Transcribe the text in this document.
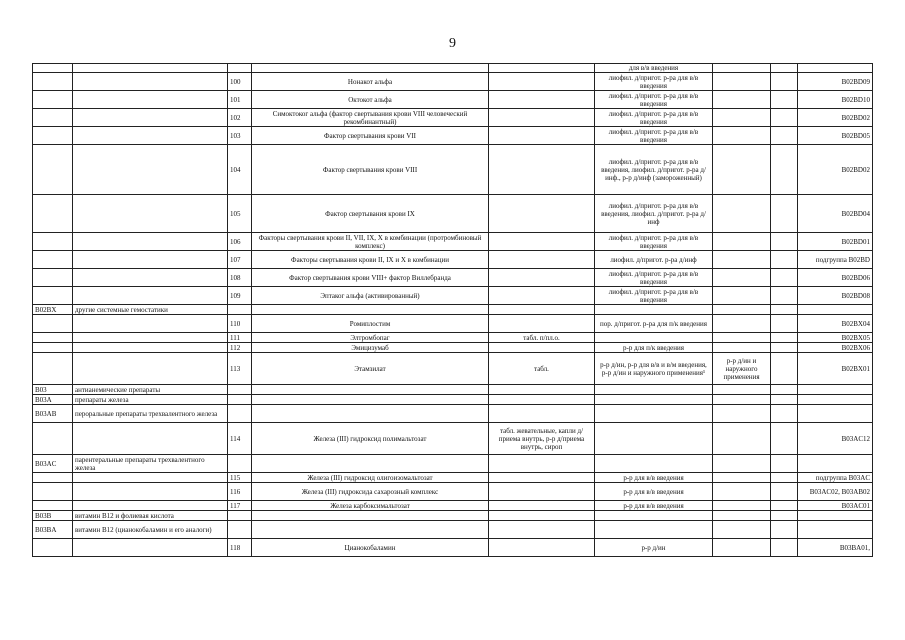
9
					для в/в введения			
		100	Нонакот альфа		лиофил. д/пригот. р-ра для в/в введения			B02BD09
		101	Октокот альфа		лиофил. д/пригот. р-ра для в/в введения			B02BD10
		102	Симоктоког альфа (фактор свертывания крови VIII человеческий рекомбинантный)		лиофил. д/пригот. р-ра для в/в введения			B02BD02
		103	Фактор свертывания крови VII		лиофил. д/пригот. р-ра для в/в введения			B02BD05
		104	Фактор свертывания крови VIII		лиофил. д/пригот. р-ра для в/в введения, лиофил. д/пригот. р-ра д/инф., р-р д/инф (замороженный)			B02BD02
		105	Фактор свертывания крови IX		лиофил. д/пригот. р-ра для в/в введения, лиофил. д/пригот. р-ра д/инф			B02BD04
		106	Факторы свертывания крови II, VII, IX, X в комбинации (протромбиновый комплекс)		лиофил. д/пригот. р-ра для в/в введения			B02BD01
		107	Факторы свертывания крови II, IX и X в комбинации		лиофил. д/пригот. р-ра д/инф			подгруппа B02BD
		108	Фактор свертывания крови VIII+ фактор Виллебранда		лиофил. д/пригот. р-ра для в/в введения			B02BD06
		109	Эптаког альфа (активированный)		лиофил. д/пригот. р-ра для в/в введения			B02BD08
B02BX	другие системные гемостатики							
		110	Ромиплостим		пор. д/пригот. р-ра для п/к введения			B02BX04
		111	Элтромбопаг	табл. п/пл.о.				B02BX05
		112	Эмицизумаб		р-р для п/к введения			B02BX06
		113	Этамзилат	табл.	р-р д/ин, р-р для в/в и в/м введения, р-р д/ин и наружного применения¹	р-р д/ин и наружного применения		B02BX01
B03	антианемические препараты							
B03A	препараты железа							
B03AB	пероральные препараты трехвалентного железа							
		114	Железа (III) гидроксид полимальтозат	табл. жевательные, капли д/приема внутрь, р-р д/приема внутрь, сироп				B03AC12
B03AC	парентеральные препараты трехвалентного железа							
		115	Железа (III) гидроксид олигоизомальтозат		р-р для в/в введения			подгруппа B03AC
		116	Железа (III) гидроксида сахарозный комплекс		р-р для в/в введения			B03AC02, B03AB02
		117	Железа карбоксимальтозат		р-р для в/в введения			B03AC01
B03B	витамин B12 и фолиевая кислота							
B03BA	витамин B12 (цианокобаламин и его аналоги)							
		118	Цианокобаламин		р-р д/ин			B03BA01,
